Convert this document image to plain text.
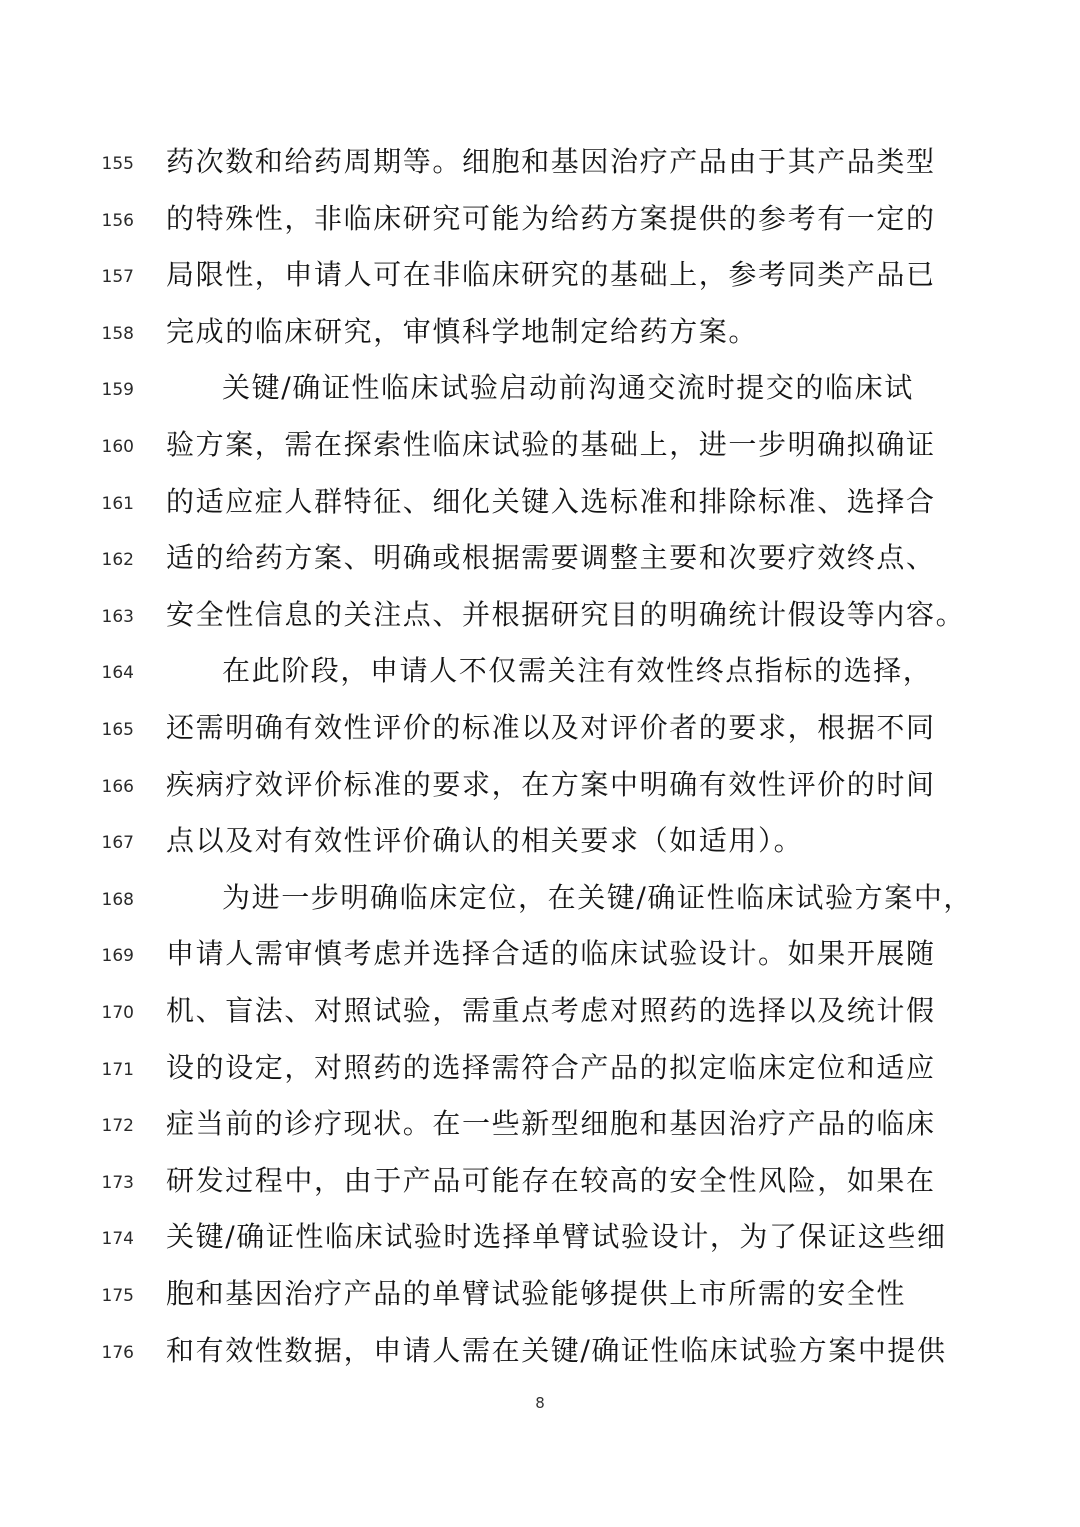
155 药次数和给药周期等。细胞和基因治疗产品由于其产品类型
156 的特殊性，非临床研究可能为给药方案提供的参考有一定的
157 局限性，申请人可在非临床研究的基础上，参考同类产品已
158 完成的临床研究，审慎科学地制定给药方案。
159	关键/确证性临床试验启动前沟通交流时提交的临床试
160 验方案，需在探索性临床试验的基础上，进一步明确拟确证
161 的适应症人群特征、细化关键入选标准和排除标准、选择合
162 适的给药方案、明确或根据需要调整主要和次要疗效终点、
163 安全性信息的关注点、并根据研究目的明确统计假设等内容。
164	在此阶段，申请人不仅需关注有效性终点指标的选择，
165 还需明确有效性评价的标准以及对评价者的要求，根据不同
166 疾病疗效评价标准的要求，在方案中明确有效性评价的时间
167 点以及对有效性评价确认的相关要求（如适用）。
168	为进一步明确临床定位，在关键/确证性临床试验方案中，
169 申请人需审慎考虑并选择合适的临床试验设计。如果开展随
170 机、盲法、对照试验，需重点考虑对照药的选择以及统计假
171 设的设定，对照药的选择需符合产品的拟定临床定位和适应
172 症当前的诊疗现状。在一些新型细胞和基因治疗产品的临床
173 研发过程中，由于产品可能存在较高的安全性风险，如果在
174 关键/确证性临床试验时选择单臂试验设计，为了保证这些细
175 胞和基因治疗产品的单臂试验能够提供上市所需的安全性
176 和有效性数据，申请人需在关键/确证性临床试验方案中提供
8
